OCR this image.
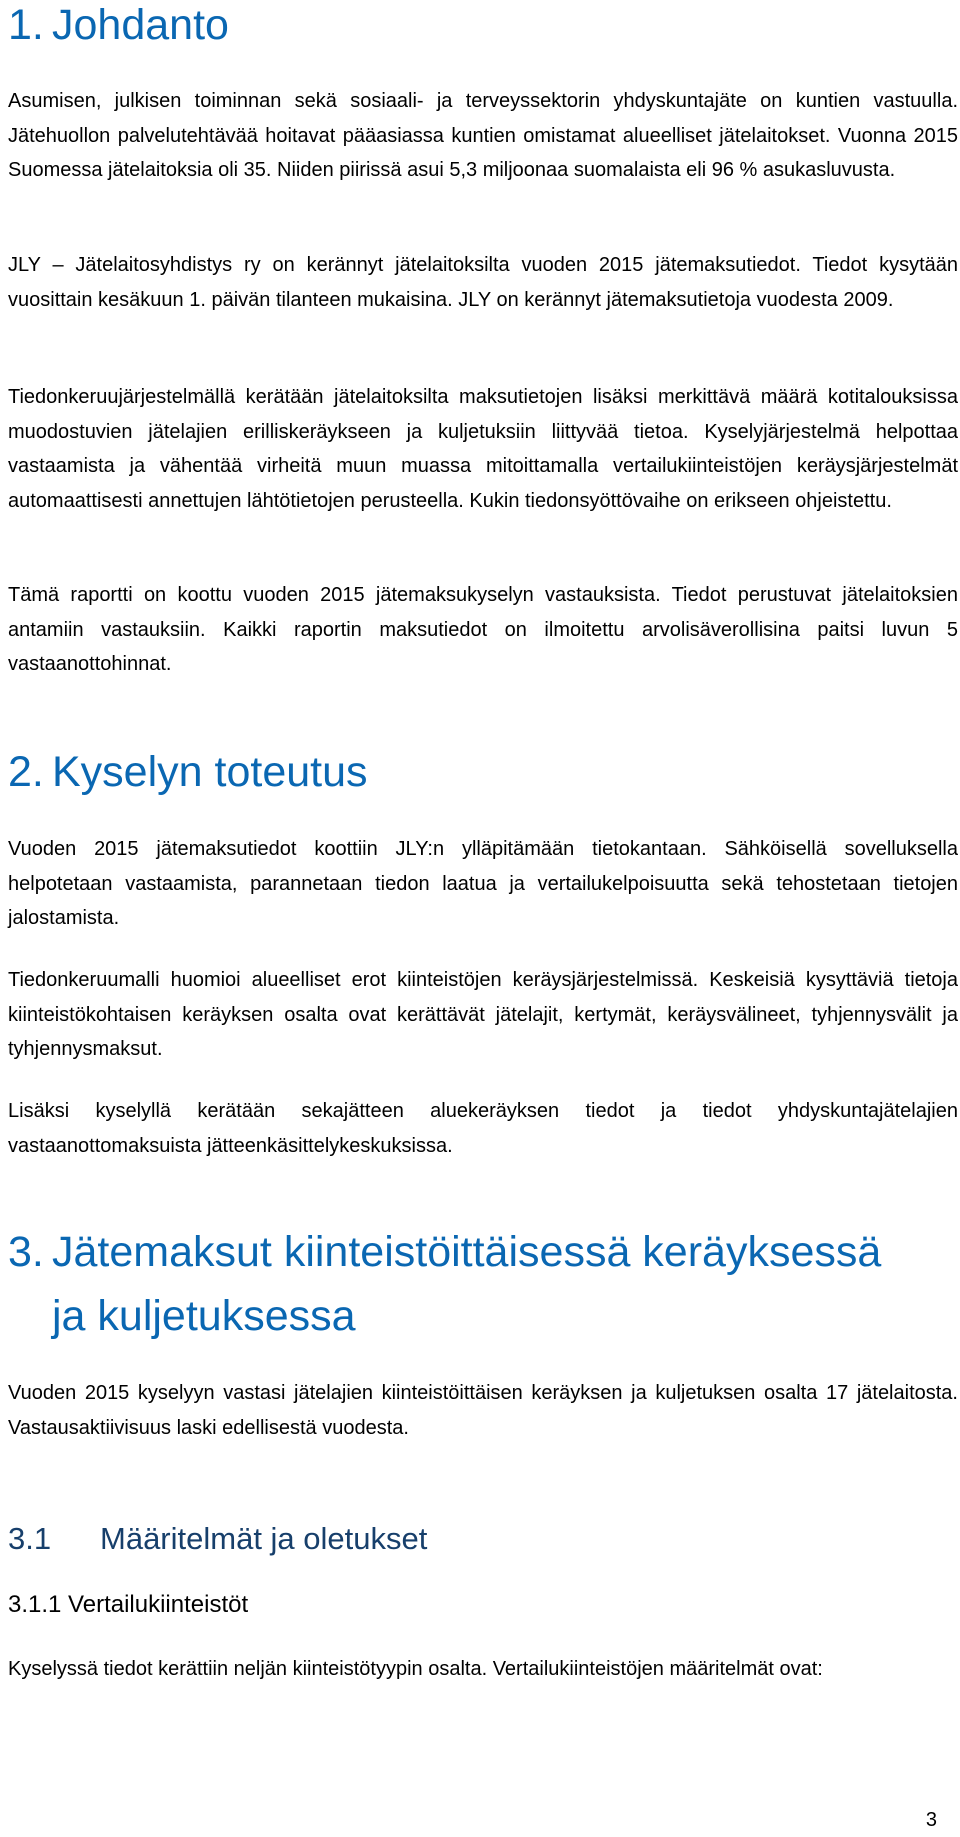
1. Johdanto

Asumisen, julkisen toiminnan sekä sosiaali- ja terveyssektorin yhdyskuntajäte on kuntien vastuulla. Jätehuollon palvelutehtävää hoitavat pääasiassa kuntien omistamat alueelliset jätelaitokset. Vuonna 2015 Suomessa jätelaitoksia oli 35. Niiden piirissä asui 5,3 miljoonaa suomalaista eli 96 % asukasluvusta.

JLY – Jätelaitosyhdistys ry on kerännyt jätelaitoksilta vuoden 2015 jätemaksutiedot. Tiedot kysytään vuosittain kesäkuun 1. päivän tilanteen mukaisina. JLY on kerännyt jätemaksutietoja vuodesta 2009.

Tiedonkeruujärjestelmällä kerätään jätelaitoksilta maksutietojen lisäksi merkittävä määrä kotitalouksissa muodostuvien jätelajien erilliskeräykseen ja kuljetuksiin liittyvää tietoa. Kyselyjärjestelmä helpottaa vastaamista ja vähentää virheitä muun muassa mitoittamalla vertailukiinteistöjen keräysjärjestelmät automaattisesti annettujen lähtötietojen perusteella. Kukin tiedonsyöttövaihe on erikseen ohjeistettu.

Tämä raportti on koottu vuoden 2015 jätemaksukyselyn vastauksista. Tiedot perustuvat jätelaitoksien antamiin vastauksiin. Kaikki raportin maksutiedot on ilmoitettu arvolisäverollisina paitsi luvun 5 vastaanottohinnat.

2. Kyselyn toteutus

Vuoden 2015 jätemaksutiedot koottiin JLY:n ylläpitämään tietokantaan. Sähköisellä sovelluksella helpotetaan vastaamista, parannetaan tiedon laatua ja vertailukelpoisuutta sekä tehostetaan tietojen jalostamista.

Tiedonkeruumalli huomioi alueelliset erot kiinteistöjen keräysjärjestelmissä. Keskeisiä kysyttäviä tietoja kiinteistökohtaisen keräyksen osalta ovat kerättävät jätelajit, kertymät, keräysvälineet, tyhjennysvälit ja tyhjennysmaksut.

Lisäksi kyselyllä kerätään sekajätteen aluekeräyksen tiedot ja tiedot yhdyskuntajätelajien vastaanottomaksuista jätteenkäsittelykeskuksissa.

3. Jätemaksut kiinteistöittäisessä keräyksessä
ja kuljetuksessa

Vuoden 2015 kyselyyn vastasi jätelajien kiinteistöittäisen keräyksen ja kuljetuksen osalta 17 jätelaitosta. Vastausaktiivisuus laski edellisestä vuodesta.

3.1 Määritelmät ja oletukset
3.1.1 Vertailukiinteistöt

Kyselyssä tiedot kerättiin neljän kiinteistötyypin osalta. Vertailukiinteistöjen määritelmät ovat:

3
